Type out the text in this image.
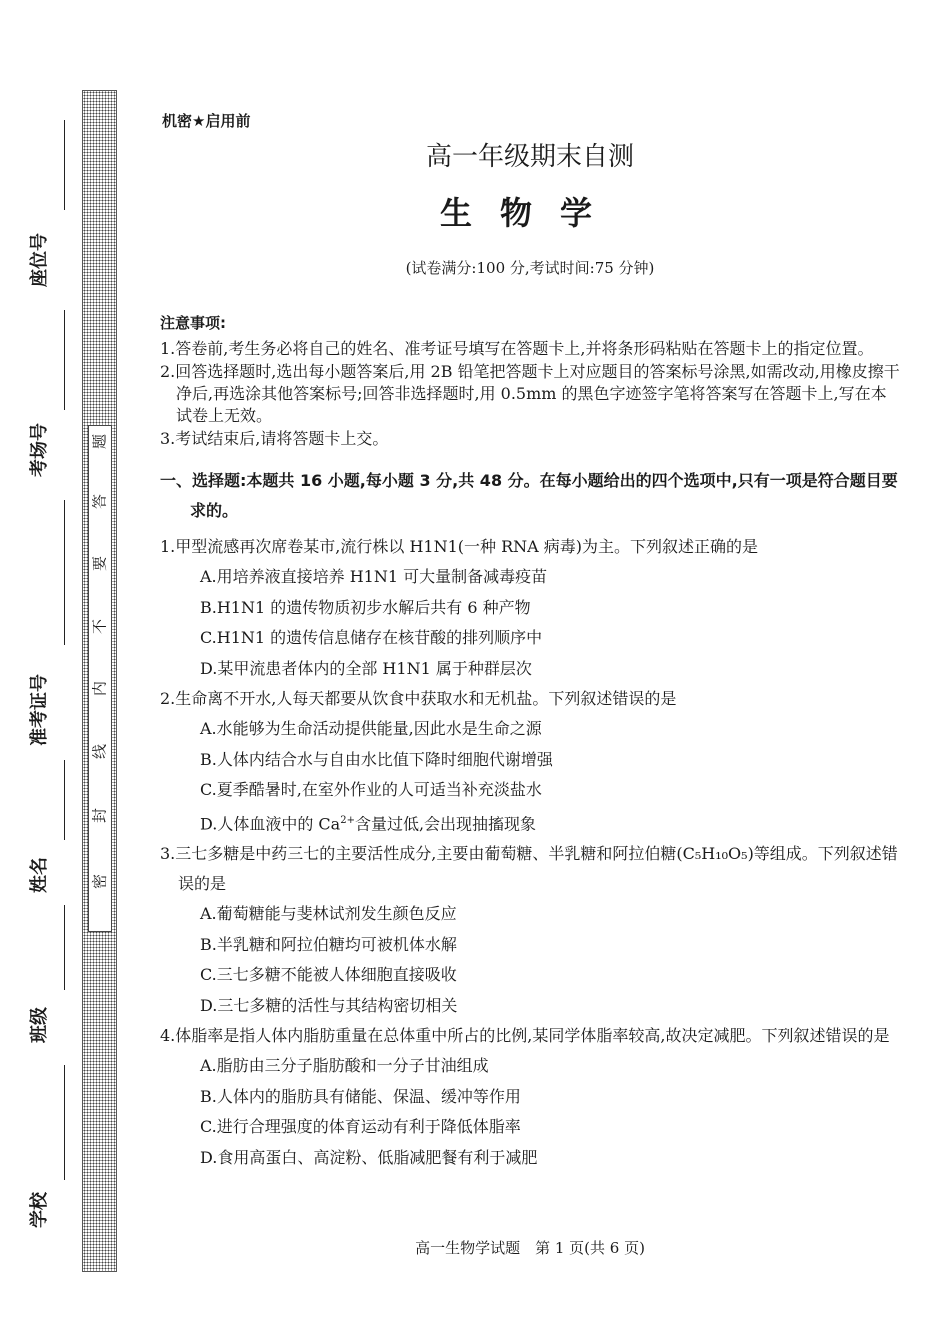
密
封
线
内
不
要
答
题
座位号
考场号
准考证号
姓名
班级
学校
机密★启用前
高一年级期末自测
生物学
(试卷满分:100 分,考试时间:75 分钟)
注意事项:
1.答卷前,考生务必将自己的姓名、准考证号填写在答题卡上,并将条形码粘贴在答题卡上的指定位置。
2.回答选择题时,选出每小题答案后,用 2B 铅笔把答题卡上对应题目的答案标号涂黑,如需改动,用橡皮擦干净后,再选涂其他答案标号;回答非选择题时,用 0.5mm 的黑色字迹签字笔将答案写在答题卡上,写在本试卷上无效。
3.考试结束后,请将答题卡上交。
一、选择题:本题共 16 小题,每小题 3 分,共 48 分。在每小题给出的四个选项中,只有一项是符合题目要求的。
1.甲型流感再次席卷某市,流行株以 H1N1(一种 RNA 病毒)为主。下列叙述正确的是
A.用培养液直接培养 H1N1 可大量制备减毒疫苗
B.H1N1 的遗传物质初步水解后共有 6 种产物
C.H1N1 的遗传信息储存在核苷酸的排列顺序中
D.某甲流患者体内的全部 H1N1 属于种群层次
2.生命离不开水,人每天都要从饮食中获取水和无机盐。下列叙述错误的是
A.水能够为生命活动提供能量,因此水是生命之源
B.人体内结合水与自由水比值下降时细胞代谢增强
C.夏季酷暑时,在室外作业的人可适当补充淡盐水
D.人体血液中的 $Ca^{2+}$含量过低,会出现抽搐现象
3.三七多糖是中药三七的主要活性成分,主要由葡萄糖、半乳糖和阿拉伯糖(C₅H₁₀O₅)等组成。下列叙述错误的是
A.葡萄糖能与斐林试剂发生颜色反应
B.半乳糖和阿拉伯糖均可被机体水解
C.三七多糖不能被人体细胞直接吸收
D.三七多糖的活性与其结构密切相关
4.体脂率是指人体内脂肪重量在总体重中所占的比例,某同学体脂率较高,故决定减肥。下列叙述错误的是
A.脂肪由三分子脂肪酸和一分子甘油组成
B.人体内的脂肪具有储能、保温、缓冲等作用
C.进行合理强度的体育运动有利于降低体脂率
D.食用高蛋白、高淀粉、低脂减肥餐有利于减肥
高一生物学试题　第 1 页(共 6 页)
